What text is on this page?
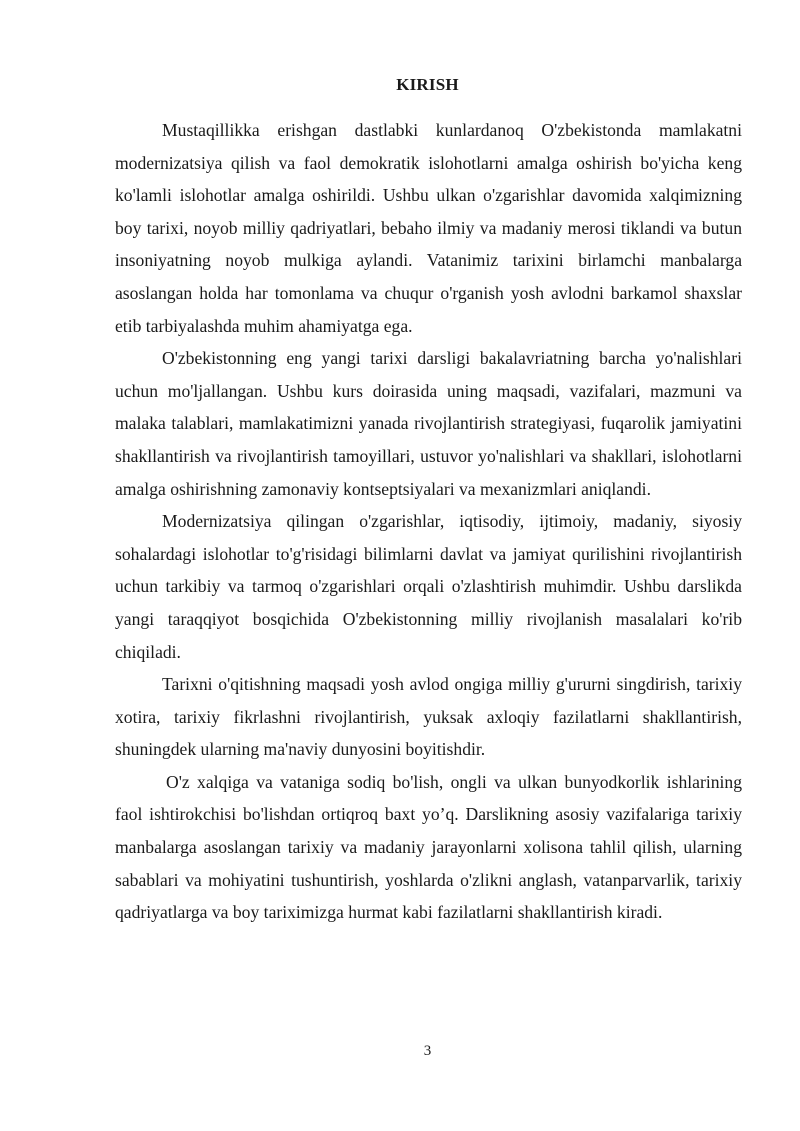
KIRISH

Mustaqillikka erishgan dastlabki kunlardanoq O'zbekistonda mamlakatni modernizatsiya qilish va faol demokratik islohotlarni amalga oshirish bo'yicha keng ko'lamli islohotlar amalga oshirildi. Ushbu ulkan o'zgarishlar davomida xalqimizning boy tarixi, noyob milliy qadriyatlari, bebaho ilmiy va madaniy merosi tiklandi va butun insoniyatning noyob mulkiga aylandi. Vatanimiz tarixini birlamchi manbalarga asoslangan holda har tomonlama va chuqur o'rganish yosh avlodni barkamol shaxslar etib tarbiyalashda muhim ahamiyatga ega.

O'zbekistonning eng yangi tarixi darsligi bakalavriatning barcha yo'nalishlari uchun mo'ljallangan. Ushbu kurs doirasida uning maqsadi, vazifalari, mazmuni va malaka talablari, mamlakatimizni yanada rivojlantirish strategiyasi, fuqarolik jamiyatini shakllantirish va rivojlantirish tamoyillari, ustuvor yo'nalishlari va shakllari, islohotlarni amalga oshirishning zamonaviy kontseptsiyalari va mexanizmlari aniqlandi.

Modernizatsiya qilingan o'zgarishlar, iqtisodiy, ijtimoiy, madaniy, siyosiy sohalardagi islohotlar to'g'risidagi bilimlarni davlat va jamiyat qurilishini rivojlantirish uchun tarkibiy va tarmoq o'zgarishlari orqali o'zlashtirish muhimdir. Ushbu darslikda yangi taraqqiyot bosqichida O'zbekistonning milliy rivojlanish masalalari ko'rib chiqiladi.

Tarixni o'qitishning maqsadi yosh avlod ongiga milliy g'ururni singdirish, tarixiy xotira, tarixiy fikrlashni rivojlantirish, yuksak axloqiy fazilatlarni shakllantirish, shuningdek ularning ma'naviy dunyosini boyitishdir.

O'z xalqiga va vataniga sodiq bo'lish, ongli va ulkan bunyodkorlik ishlarining faol ishtirokchisi bo'lishdan ortiqroq baxt yo’q. Darslikning asosiy vazifalariga tarixiy manbalarga asoslangan tarixiy va madaniy jarayonlarni xolisona tahlil qilish, ularning sabablari va mohiyatini tushuntirish, yoshlarda o'zlikni anglash, vatanparvarlik, tarixiy qadriyatlarga va boy tariximizga hurmat kabi fazilatlarni shakllantirish kiradi.

3
